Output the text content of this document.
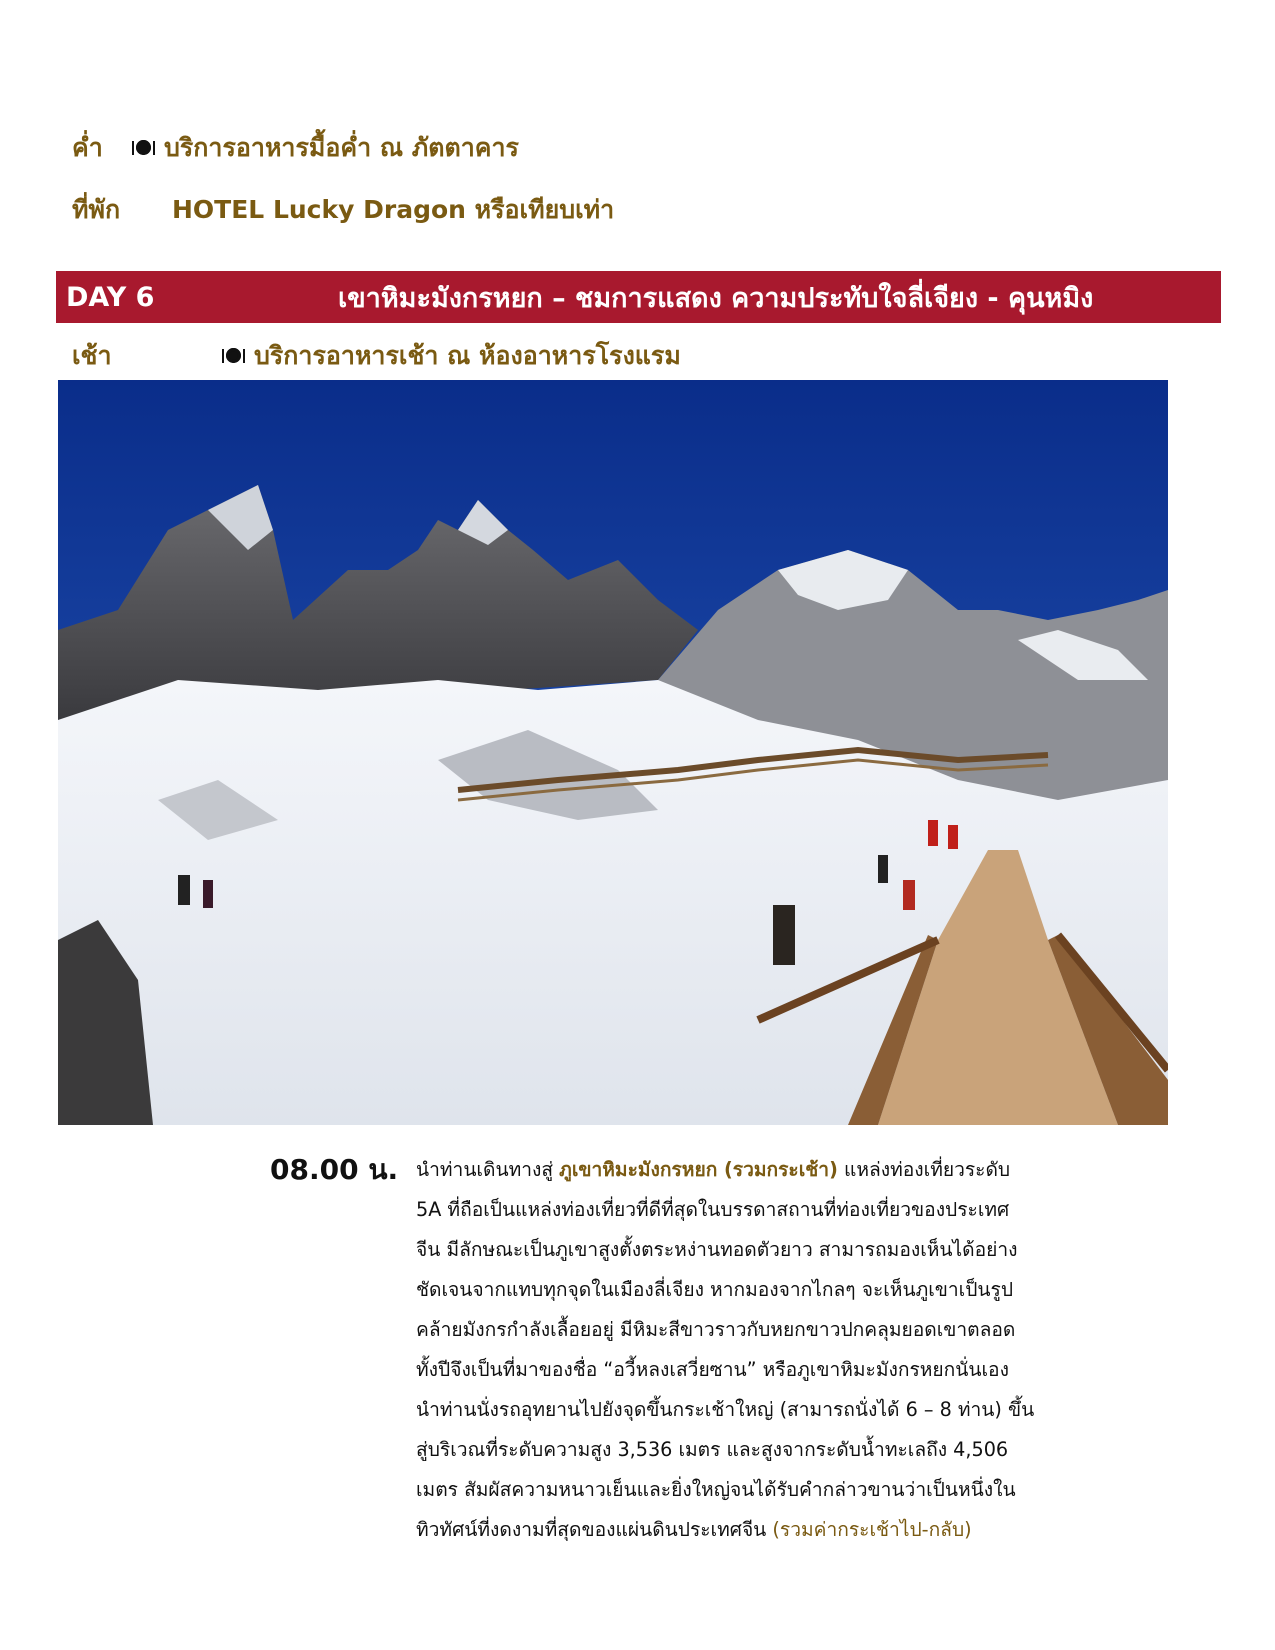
ค่ำ	บริการอาหารมื้อค่ำ ณ ภัตตาคาร
ที่พัก	HOTEL Lucky Dragon หรือเทียบเท่า
DAY 6	เขาหิมะมังกรหยก – ชมการแสดง ความประทับใจลี่เจียง - คุนหมิง
เช้า	บริการอาหารเช้า ณ ห้องอาหารโรงแรม
08.00 น. นำท่านเดินทางสู่ ภูเขาหิมะมังกรหยก (รวมกระเช้า) แหล่งท่องเที่ยวระดับ

5A ที่ถือเป็นแหล่งท่องเที่ยวที่ดีที่สุดในบรรดาสถานที่ท่องเที่ยวของประเทศ

จีน มีลักษณะเป็นภูเขาสูงตั้งตระหง่านทอดตัวยาว สามารถมองเห็นได้อย่าง

ชัดเจนจากแทบทุกจุดในเมืองลี่เจียง หากมองจากไกลๆ จะเห็นภูเขาเป็นรูป

คล้ายมังกรกำลังเลื้อยอยู่ มีหิมะสีขาวราวกับหยกขาวปกคลุมยอดเขาตลอด

ทั้งปีจึงเป็นที่มาของชื่อ “อวี้หลงเสวี่ยซาน” หรือภูเขาหิมะมังกรหยกนั่นเอง

นำท่านนั่งรถอุทยานไปยังจุดขึ้นกระเช้าใหญ่ (สามารถนั่งได้ 6 – 8 ท่าน) ขึ้น

สู่บริเวณที่ระดับความสูง 3,536 เมตร และสูงจากระดับน้ำทะเลถึง 4,506

เมตร สัมผัสความหนาวเย็นและยิ่งใหญ่จนได้รับคำกล่าวขานว่าเป็นหนึ่งใน

ทิวทัศน์ที่งดงามที่สุดของแผ่นดินประเทศจีน (รวมค่ากระเช้าไป-กลับ)
